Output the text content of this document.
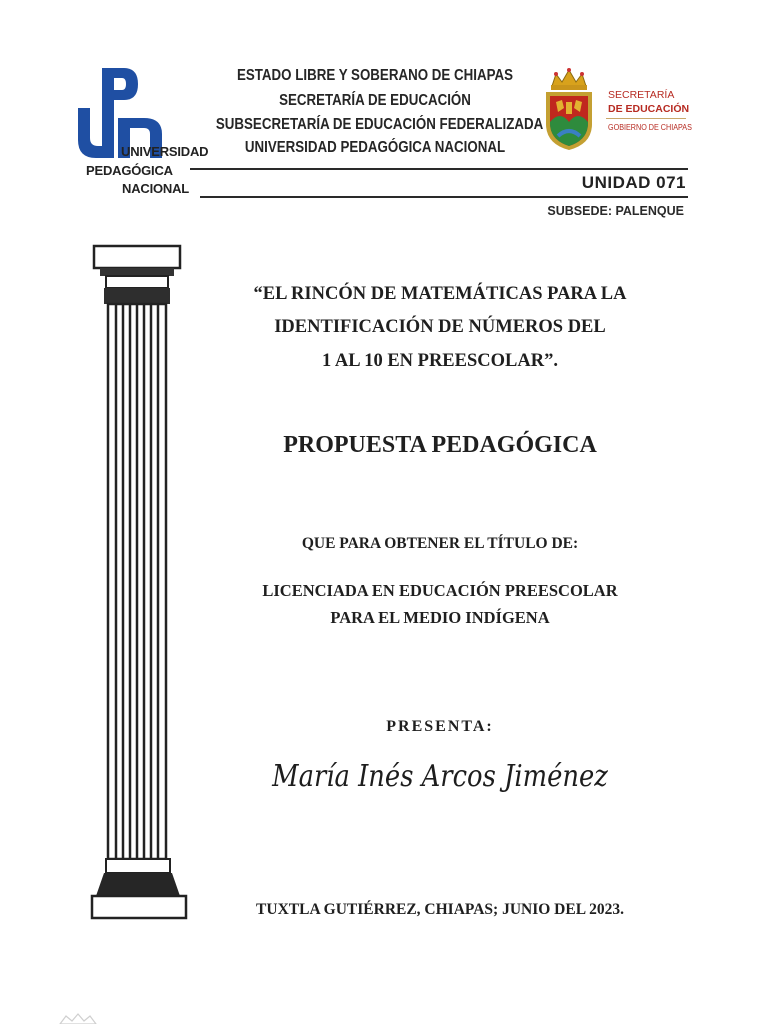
UNIVERSIDAD
PEDAGÓGICA
NACIONAL
ESTADO LIBRE Y SOBERANO DE CHIAPAS
SECRETARÍA DE EDUCACIÓN
SUBSECRETARÍA DE EDUCACIÓN FEDERALIZADA
UNIVERSIDAD PEDAGÓGICA NACIONAL
SECRETARÍA
DE EDUCACIÓN
GOBIERNO DE CHIAPAS
UNIDAD 071
SUBSEDE: PALENQUE
“EL RINCÓN DE MATEMÁTICAS PARA LA
IDENTIFICACIÓN DE NÚMEROS DEL
1 AL 10 EN PREESCOLAR”.
PROPUESTA PEDAGÓGICA
QUE PARA OBTENER EL TÍTULO DE:
LICENCIADA EN EDUCACIÓN PREESCOLAR
PARA EL MEDIO INDÍGENA
PRESENTA:
María Inés Arcos Jiménez
TUXTLA GUTIÉRREZ, CHIAPAS; JUNIO DEL 2023.
